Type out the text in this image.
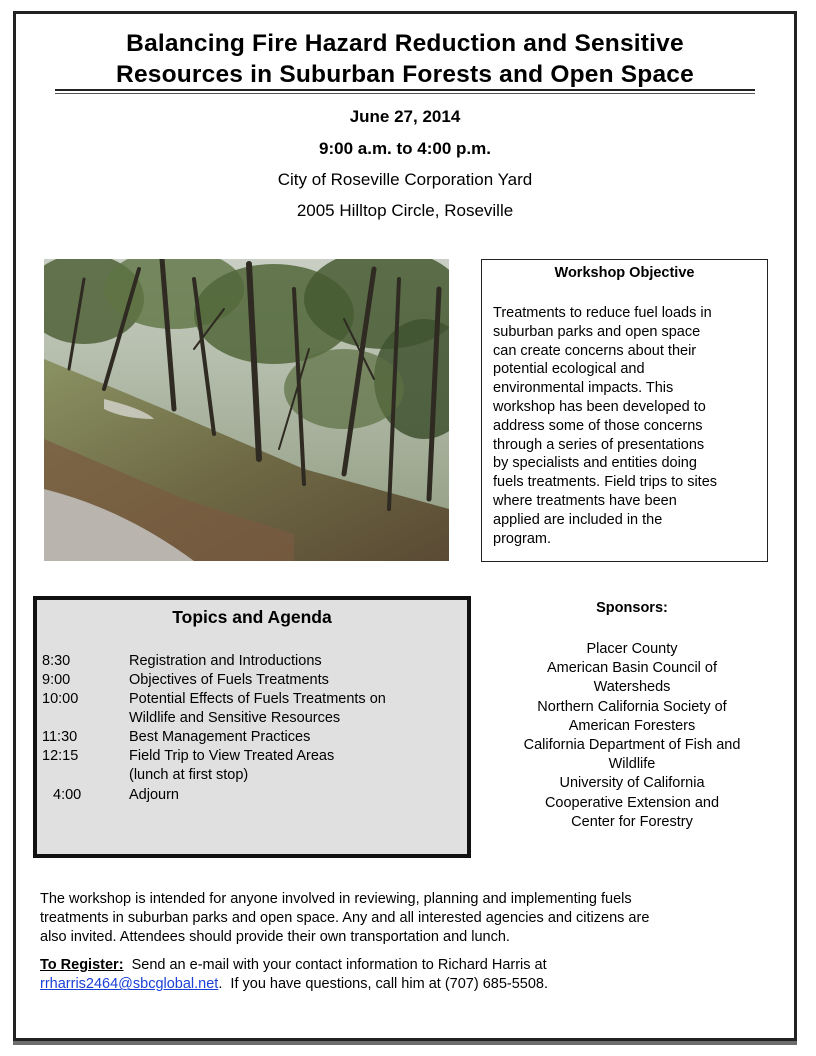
Balancing Fire Hazard Reduction and Sensitive
Resources in Suburban Forests and Open Space
June 27, 2014
9:00 a.m. to 4:00 p.m.
City of Roseville Corporation Yard
2005 Hilltop Circle, Roseville
Workshop Objective
Treatments to reduce fuel loads in
suburban parks and open space
can create concerns about their
potential ecological and
environmental impacts. This
workshop has been developed to
address some of those concerns
through a series of presentations
by specialists and entities doing
fuels treatments. Field trips to sites
where treatments have been
applied are included in the
program.
Topics and Agenda
8:30	Registration and Introductions
9:00	Objectives of Fuels Treatments
10:00	Potential Effects of Fuels Treatments on
Wildlife and Sensitive Resources
11:30	Best Management Practices
12:15	Field Trip to View Treated Areas
(lunch at first stop)
4:00	Adjourn
Sponsors:
Placer County
American Basin Council of
Watersheds
Northern California Society of
American Foresters
California Department of Fish and
Wildlife
University of California
Cooperative Extension and
Center for Forestry
The workshop is intended for anyone involved in reviewing, planning and implementing fuels
treatments in suburban parks and open space. Any and all interested agencies and citizens are
also invited. Attendees should provide their own transportation and lunch.
To Register:  Send an e-mail with your contact information to Richard Harris at
rrharris2464@sbcglobal.net.  If you have questions, call him at (707) 685-5508.
